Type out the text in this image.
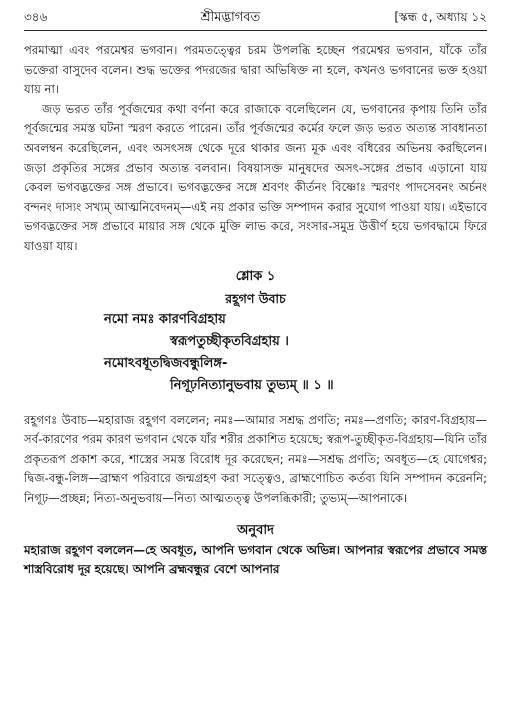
৩৪৬	শ্রীমদ্ভাগবত	[স্কন্ধ ৫, অধ্যায় ১২

পরমাত্মা এবং পরমেশ্বর ভগবান। পরমতত্ত্বের চরম উপলব্ধি হচ্ছেন পরমেশ্বর ভগবান, যাঁকে তাঁর ভক্তেরা বাসুদেব বলেন। শুদ্ধ ভক্তের পদরজের দ্বারা অভিষিক্ত না হলে, কখনও ভগবানের ভক্ত হওয়া যায় না।

জড় ভরত তাঁর পূর্বজন্মের কথা বর্ণনা করে রাজাকে বলেছিলেন যে, ভগবানের কৃপায় তিনি তাঁর পূর্বজন্মের সমস্ত ঘটনা স্মরণ করতে পারেন। তাঁর পূর্বজন্মের কর্মের ফলে জড় ভরত অত্যন্ত সাবধানতা অবলম্বন করেছিলেন, এবং অসৎসঙ্গ থেকে দূরে থাকার জন্য মূক এবং বধিরের অভিনয় করছিলেন। জড়া প্রকৃতির সঙ্গের প্রভাব অত্যন্ত বলবান। বিষয়াসক্ত মানুষদের অসৎ-সঙ্গের প্রভাব এড়ানো যায় কেবল ভগবদ্ভক্তের সঙ্গ প্রভাবে। ভগবদ্ভক্তের সঙ্গে শ্রবণং কীর্তনং বিষ্ণোঃ স্মরণং পাদসেবনং অর্চনং বন্দনং দাস্যং সখ্যম্ আত্মনিবেদনম্—এই নয় প্রকার ভক্তি সম্পাদন করার সুযোগ পাওয়া যায়। এইভাবে ভগবদ্ভক্তের সঙ্গ প্রভাবে মায়ার সঙ্গ থেকে মুক্তি লাভ করে, সংসার-সমুদ্র উত্তীর্ণ হয়ে ভগবদ্ধামে ফিরে যাওয়া যায়।

শ্লোক ১
রহূগণ উবাচ
নমো নমঃ কারণবিগ্রহায়
স্বরূপতুচ্ছীকৃতবিগ্রহায় ।
নমোঽবধূতদ্বিজবন্ধুলিঙ্গ-
নিগূঢ়নিত্যানুভবায় তুভ্যম্ ॥ ১ ॥

রহূগণঃ উবাচ—মহারাজ রহূগণ বললেন; নমঃ—আমার সশ্রদ্ধ প্রণতি; নমঃ—প্রণতি; কারণ-বিগ্রহায়—সর্ব-কারণের পরম কারণ ভগবান থেকে যাঁর শরীর প্রকাশিত হয়েছে; স্বরূপ-তুচ্ছীকৃত-বিগ্রহায়—যিনি তাঁর প্রকৃতরূপ প্রকাশ করে, শাস্ত্রের সমস্ত বিরোধ দূর করেছেন; নমঃ—সশ্রদ্ধ প্রণতি; অবধূত—হে যোগেশ্বর; দ্বিজ-বন্ধু-লিঙ্গ—ব্রাহ্মণ পরিবারে জন্মগ্রহণ করা সত্ত্বেও, ব্রাহ্মণোচিত কর্তব্য যিনি সম্পাদন করেননি; নিগূঢ়—প্রচ্ছন্ন; নিত্য-অনুভবায়—নিত্য আত্মতত্ত্ব উপলব্ধিকারী; তুভ্যম্—আপনাকে।

অনুবাদ

মহারাজ রহূগণ বললেন—হে অবধূত, আপনি ভগবান থেকে অভিন্ন। আপনার স্বরূপের প্রভাবে সমস্ত শাস্ত্রবিরোধ দূর হয়েছে। আপনি ব্রহ্মবন্ধুর বেশে আপনার
